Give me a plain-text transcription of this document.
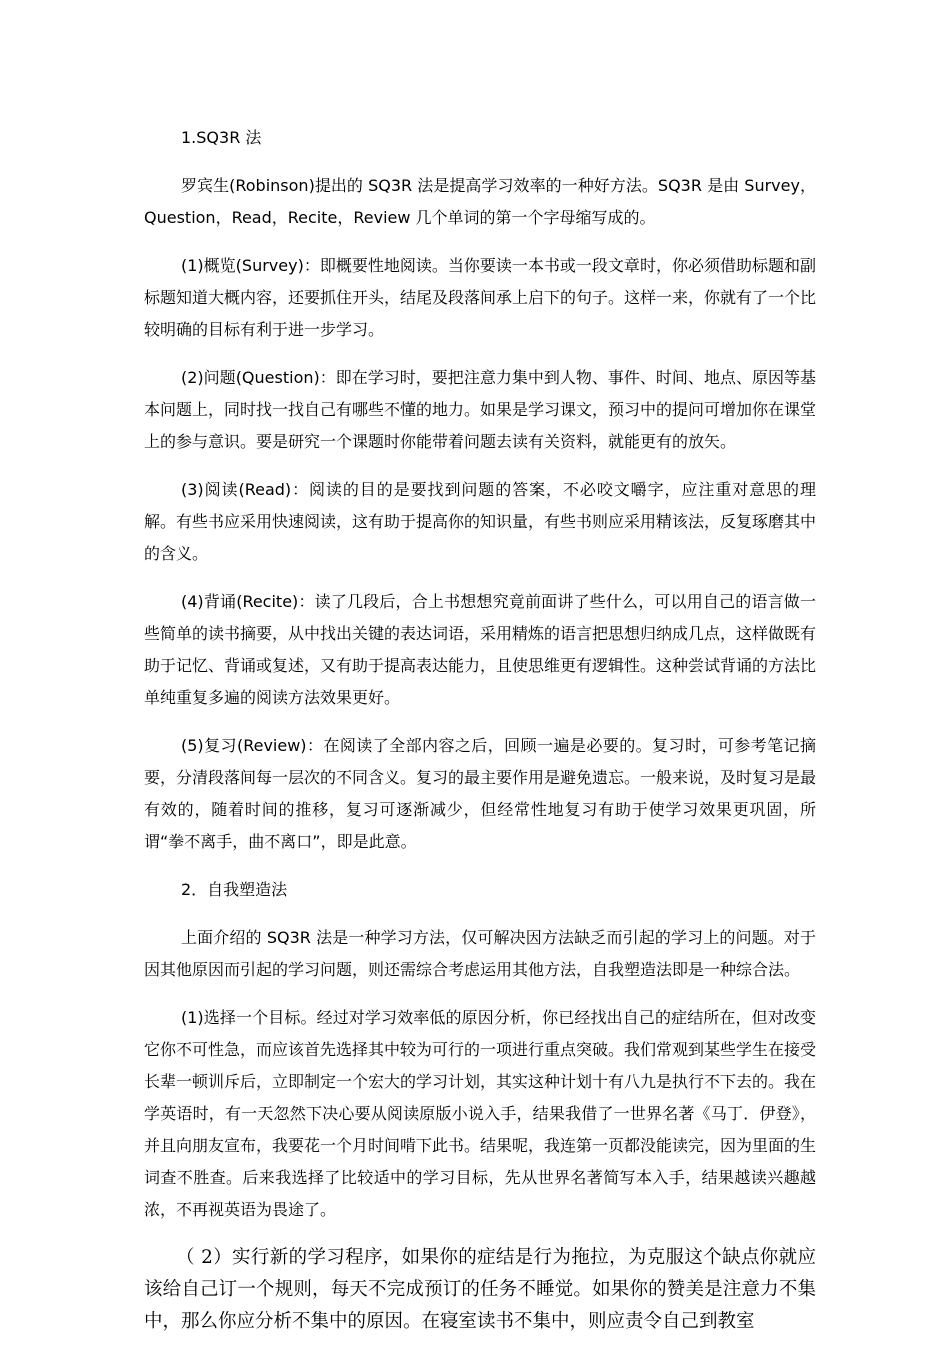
1.SQ3R 法

罗宾生(Robinson)提出的 SQ3R 法是提高学习效率的一种好方法。SQ3R 是由 Survey，Question，Read，Recite，Review 几个单词的第一个字母缩写成的。

(1)概览(Survey)：即概要性地阅读。当你要读一本书或一段文章时，你必须借助标题和副标题知道大概内容，还要抓住开头，结尾及段落间承上启下的句子。这样一来，你就有了一个比较明确的目标有利于进一步学习。

(2)问题(Question)：即在学习时，要把注意力集中到人物、事件、时间、地点、原因等基本问题上，同时找一找自己有哪些不懂的地力。如果是学习课文，预习中的提问可增加你在课堂上的参与意识。要是研究一个课题时你能带着问题去读有关资料，就能更有的放矢。

(3)阅读(Read)：阅读的目的是要找到问题的答案，不必咬文嚼字，应注重对意思的理解。有些书应采用快速阅读，这有助于提高你的知识量，有些书则应采用精该法，反复琢磨其中的含义。

(4)背诵(Recite)：读了几段后，合上书想想究竟前面讲了些什么，可以用自己的语言做一些简单的读书摘要，从中找出关键的表达词语，采用精炼的语言把思想归纳成几点，这样做既有助于记忆、背诵或复述，又有助于提高表达能力，且使思维更有逻辑性。这种尝试背诵的方法比单纯重复多遍的阅读方法效果更好。

(5)复习(Review)：在阅读了全部内容之后，回顾一遍是必要的。复习时，可参考笔记摘要，分清段落间每一层次的不同含义。复习的最主要作用是避免遗忘。一般来说，及时复习是最有效的，随着时间的推移，复习可逐渐减少，但经常性地复习有助于使学习效果更巩固，所谓“拳不离手，曲不离口”，即是此意。

2．自我塑造法

上面介绍的 SQ3R 法是一种学习方法，仅可解决因方法缺乏而引起的学习上的问题。对于因其他原因而引起的学习问题，则还需综合考虑运用其他方法，自我塑造法即是一种综合法。

(1)选择一个目标。经过对学习效率低的原因分析，你已经找出自己的症结所在，但对改变它你不可性急，而应该首先选择其中较为可行的一项进行重点突破。我们常观到某些学生在接受长辈一顿训斥后，立即制定一个宏大的学习计划，其实这种计划十有八九是执行不下去的。我在学英语时，有一天忽然下决心要从阅读原版小说入手，结果我借了一世界名著《马丁．伊登》，并且向朋友宣布，我要花一个月时间啃下此书。结果呢，我连第一页都没能读完，因为里面的生词查不胜查。后来我选择了比较适中的学习目标，先从世界名著简写本入手，结果越读兴趣越浓，不再视英语为畏途了。

（ 2）实行新的学习程序，如果你的症结是行为拖拉，为克服这个缺点你就应该给自己订一个规则，每天不完成预订的任务不睡觉。如果你的赞美是注意力不集中，那么你应分析不集中的原因。在寝室读书不集中，则应责令自己到教室
